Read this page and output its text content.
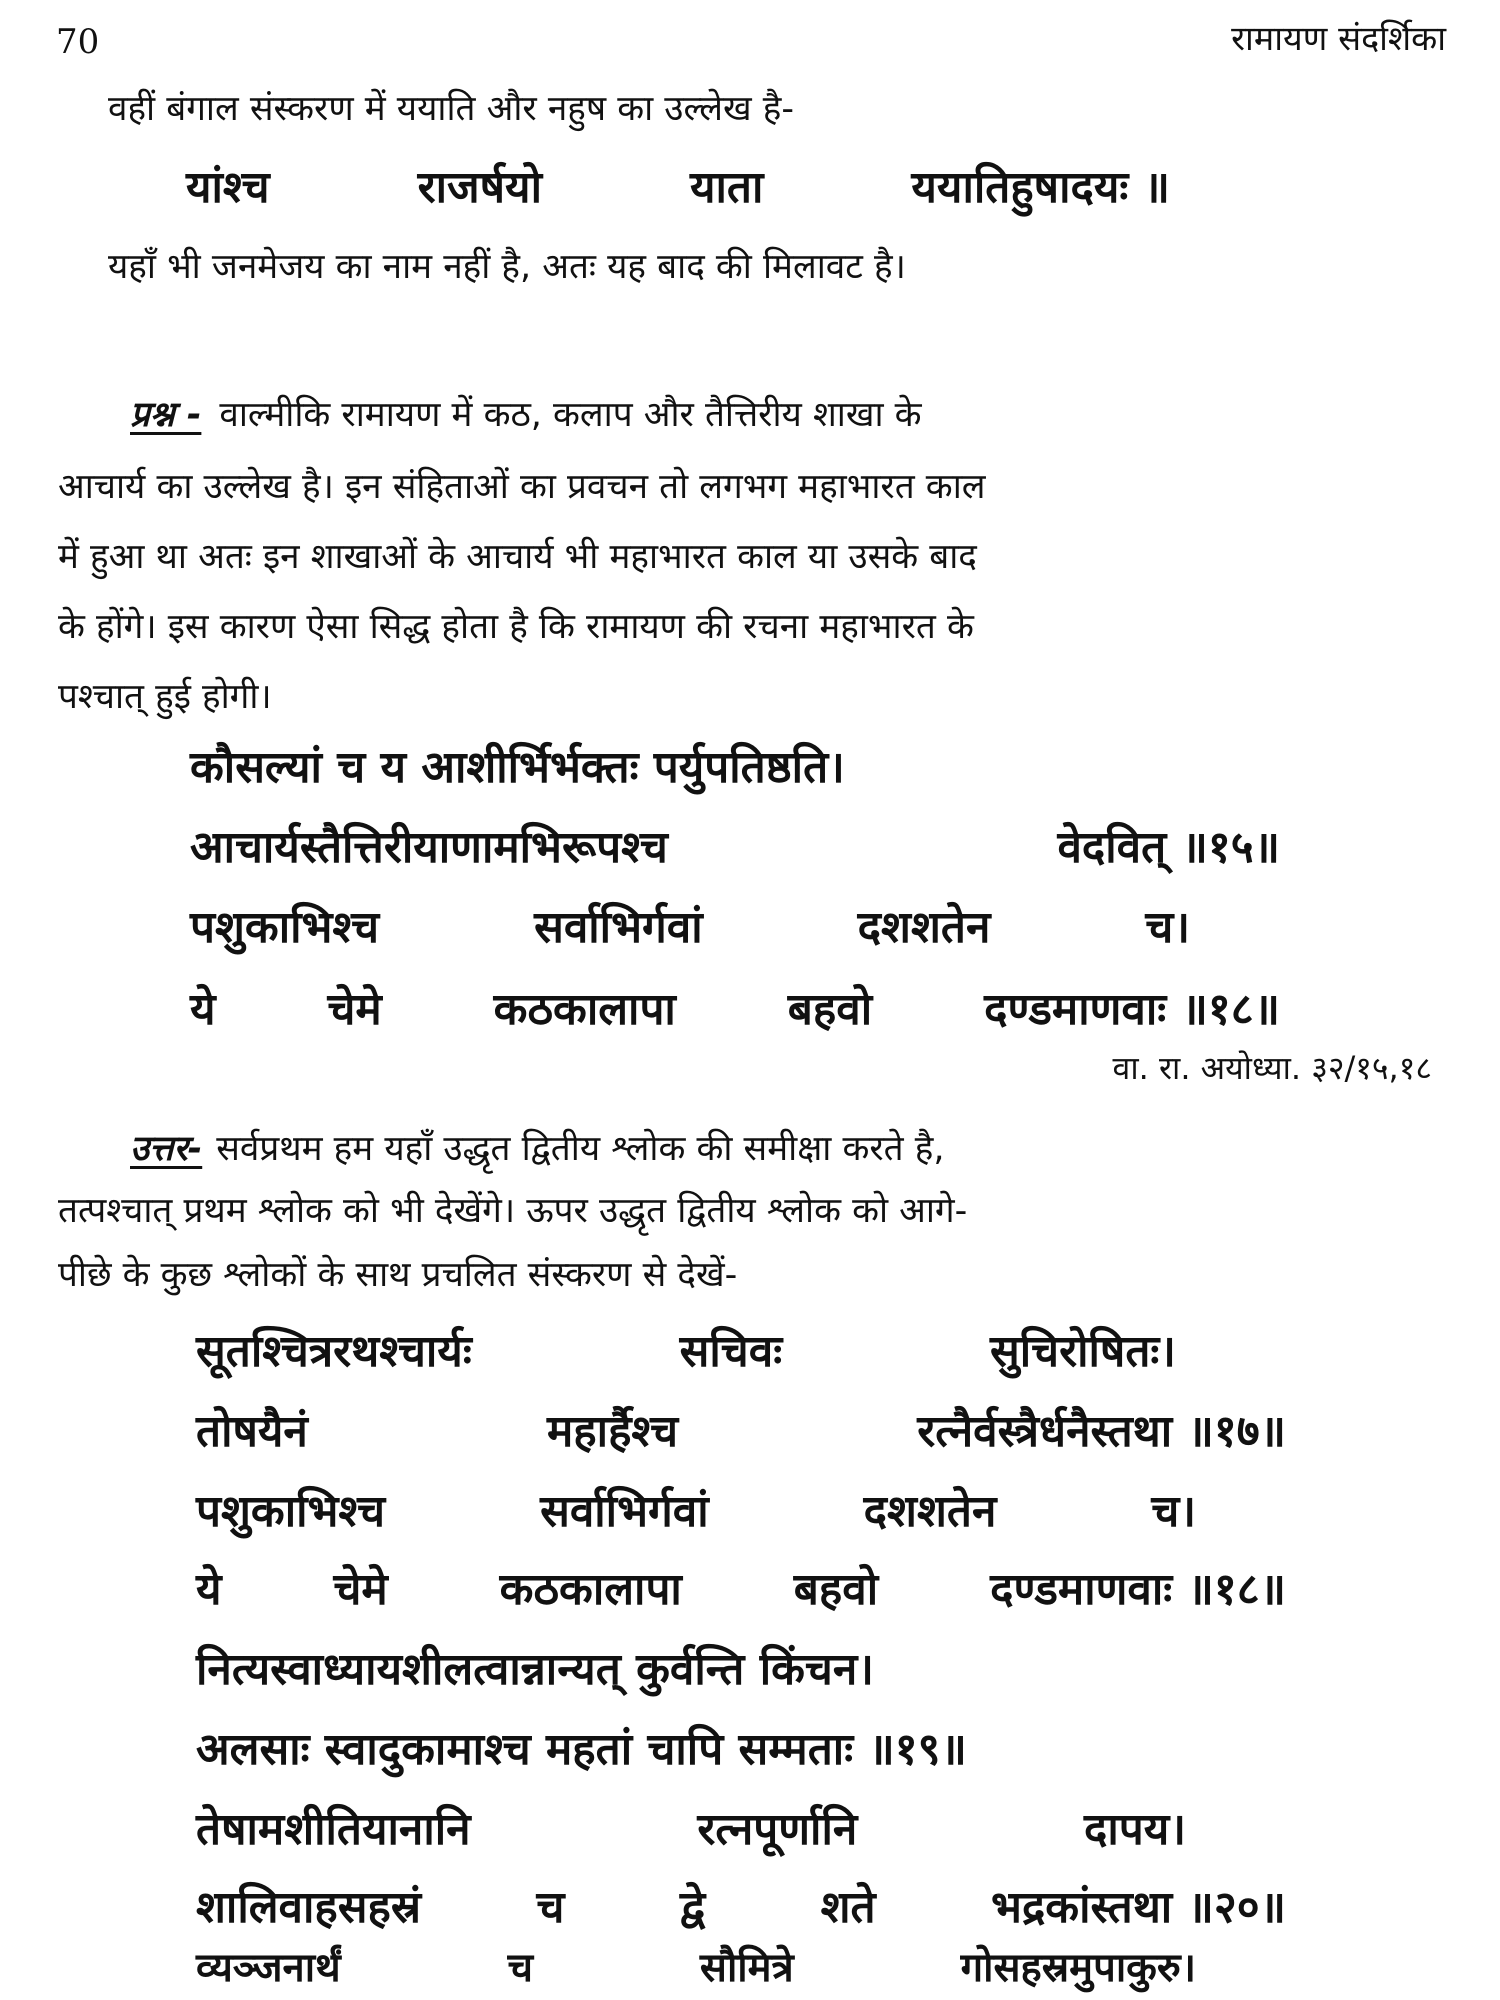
70	रामायण संदर्शिका
वहीं बंगाल संस्करण में ययाति और नहुष का उल्लेख है-
यांश्च	राजर्षयो	याता	ययातिहुषादयः ॥
यहाँ भी जनमेजय का नाम नहीं है, अतः यह बाद की मिलावट है।
प्रश्न - वाल्मीकि रामायण में कठ, कलाप और तैत्तिरीय शाखा के
आचार्य का उल्लेख है। इन संहिताओं का प्रवचन तो लगभग महाभारत काल
में हुआ था अतः इन शाखाओं के आचार्य भी महाभारत काल या उसके बाद
के होंगे। इस कारण ऐसा सिद्ध होता है कि रामायण की रचना महाभारत के
पश्चात् हुई होगी।
कौसल्यां च य आशीर्भिर्भक्तः पर्युपतिष्ठति।
आचार्यस्तैत्तिरीयाणामभिरूपश्च	वेदवित् ॥१५॥
पशुकाभिश्च	सर्वाभिर्गवां	दशशतेन	च।
ये	चेमे	कठकालापा	बहवो	दण्डमाणवाः ॥१८॥
वा. रा. अयोध्या. ३२/१५,१८
उत्तर- सर्वप्रथम हम यहाँ उद्धृत द्वितीय श्लोक की समीक्षा करते है,
तत्पश्चात् प्रथम श्लोक को भी देखेंगे। ऊपर उद्धृत द्वितीय श्लोक को आगे-
पीछे के कुछ श्लोकों के साथ प्रचलित संस्करण से देखें-
सूतश्चित्ररथश्चार्यः	सचिवः	सुचिरोषितः।
तोषयैनं	महार्हैश्च	रत्नैर्वस्त्रैर्धनैस्तथा ॥१७॥
पशुकाभिश्च	सर्वाभिर्गवां	दशशतेन	च।
ये	चेमे	कठकालापा	बहवो	दण्डमाणवाः ॥१८॥
नित्यस्वाध्यायशीलत्वान्नान्यत् कुर्वन्ति किंचन।
अलसाः स्वादुकामाश्च महतां चापि सम्मताः ॥१९॥
तेषामशीतियानानि	रत्नपूर्णानि	दापय।
शालिवाहसहस्रं	च	द्वे	शते	भद्रकांस्तथा ॥२०॥
व्यञ्जनार्थं	च	सौमित्रे	गोसहस्रमुपाकुरु।
